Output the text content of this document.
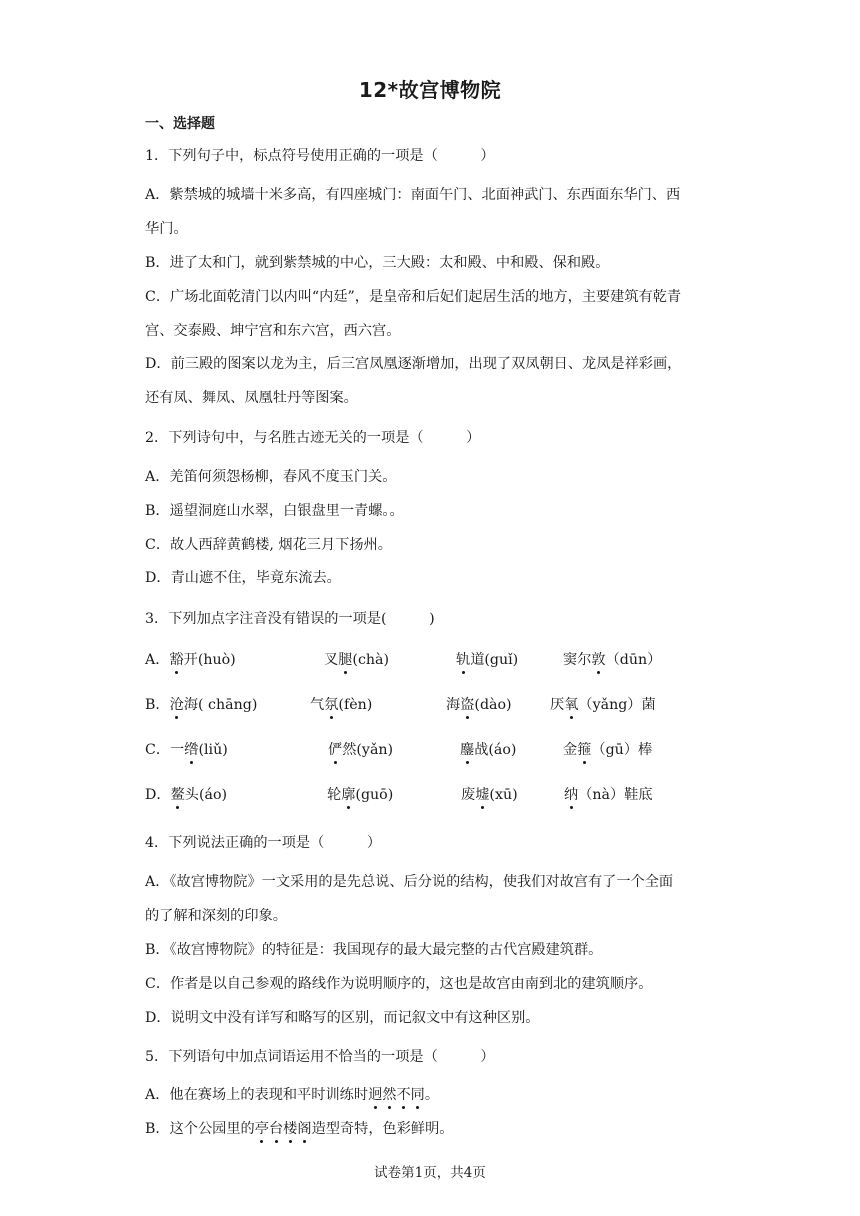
12*故宫博物院
一、选择题
1．下列句子中，标点符号使用正确的一项是（　　　）
A．紫禁城的城墙十米多高，有四座城门：南面午门、北面神武门、东西面东华门、西
华门。
B．进了太和门，就到紫禁城的中心，三大殿：太和殿、中和殿、保和殿。
C．广场北面乾清门以内叫“内廷”，是皇帝和后妃们起居生活的地方，主要建筑有乾青
宫、交泰殿、坤宁宫和东六宫，西六宫。
D．前三殿的图案以龙为主，后三宫凤凰逐渐增加，出现了双凤朝日、龙凤是祥彩画，
还有凤、舞凤、凤凰牡丹等图案。
2．下列诗句中，与名胜古迹无关的一项是（　　　）
A．羌笛何须怨杨柳，春风不度玉门关。
B．遥望洞庭山水翠，白银盘里一青螺。。
C．故人西辞黄鹤楼, 烟花三月下扬州。
D．青山遮不住，毕竟东流去。
3．下列加点字注音没有错误的一项是(　　　)
A．豁开(huò)	叉腿(chà)	轨道(guǐ)	窦尔敦（dūn）
B．沧海( chāng)	气氛(fèn)	海盗(dào)	厌氧（yǎng）菌
C．一绺(liǔ)	俨然(yǎn)	鏖战(áo)	金箍（gū）棒
D．鳌头(áo)	轮廓(guō)	废墟(xū)	纳（nà）鞋底
4．下列说法正确的一项是（　　　）
A．《故宫博物院》一文采用的是先总说、后分说的结构，使我们对故宫有了一个全面
的了解和深刻的印象。
B．《故宫博物院》的特征是：我国现存的最大最完整的古代宫殿建筑群。
C．作者是以自己参观的路线作为说明顺序的，这也是故宫由南到北的建筑顺序。
D．说明文中没有详写和略写的区别，而记叙文中有这种区别。
5．下列语句中加点词语运用不恰当的一项是（　　　）
A．他在赛场上的表现和平时训练时迥然不同。
B．这个公园里的亭台楼阁造型奇特，色彩鲜明。
试卷第1页，共4页
